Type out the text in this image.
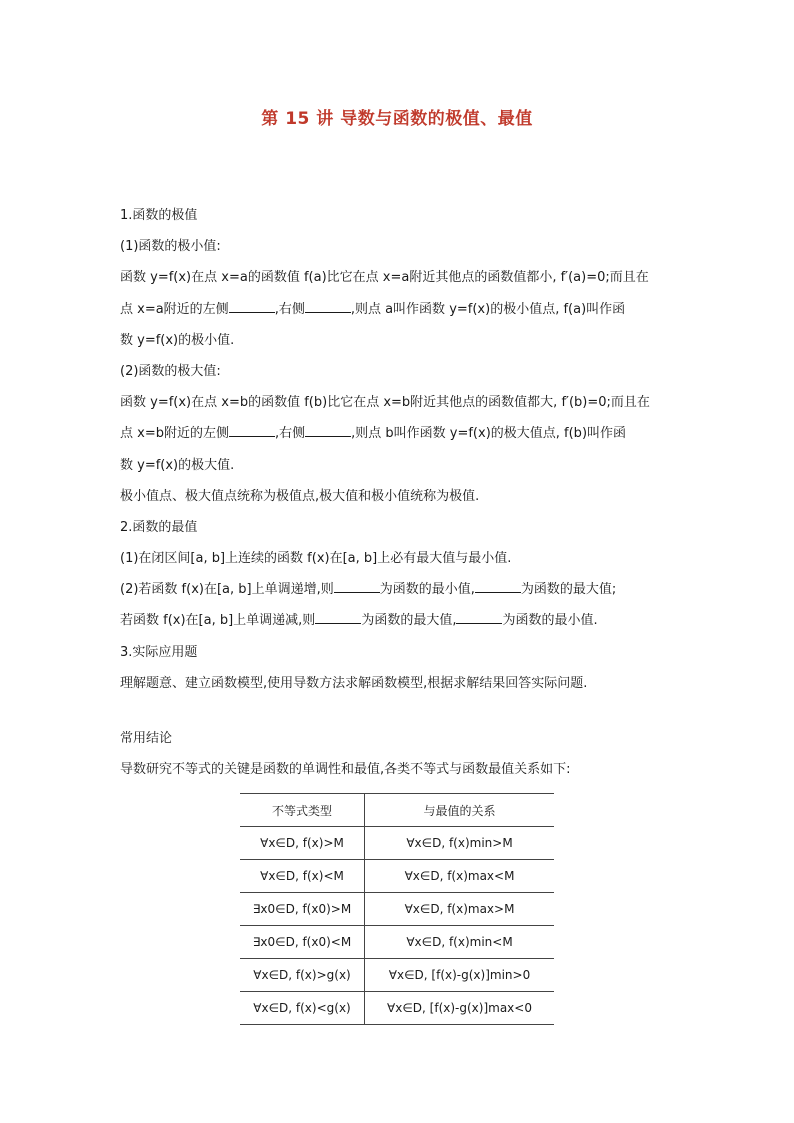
第 15 讲 导数与函数的极值、最值
1.函数的极值
(1)函数的极小值:
函数 y=f(x)在点 x=a的函数值 f(a)比它在点 x=a附近其他点的函数值都小, f′(a)=0;而且在
点 x=a附近的左侧	,右侧	,则点 a叫作函数 y=f(x)的极小值点, f(a)叫作函
数 y=f(x)的极小值.
(2)函数的极大值:
函数 y=f(x)在点 x=b的函数值 f(b)比它在点 x=b附近其他点的函数值都大, f′(b)=0;而且在
点 x=b附近的左侧	,右侧	,则点 b叫作函数 y=f(x)的极大值点, f(b)叫作函
数 y=f(x)的极大值.
极小值点、极大值点统称为极值点,极大值和极小值统称为极值.
2.函数的最值
(1)在闭区间[a, b]上连续的函数 f(x)在[a, b]上必有最大值与最小值.
(2)若函数 f(x)在[a, b]上单调递增,则	为函数的最小值,	为函数的最大值;
若函数 f(x)在[a, b]上单调递减,则	为函数的最大值,	为函数的最小值.
3.实际应用题
理解题意、建立函数模型,使用导数方法求解函数模型,根据求解结果回答实际问题.
常用结论
导数研究不等式的关键是函数的单调性和最值,各类不等式与函数最值关系如下:
不等式类型	与最值的关系
∀x∈D, f(x)>M	∀x∈D, f(x)min>M
∀x∈D, f(x)<M	∀x∈D, f(x)max<M
∃x0∈D, f(x0)>M	∀x∈D, f(x)max>M
∃x0∈D, f(x0)<M	∀x∈D, f(x)min<M
∀x∈D, f(x)>g(x)	∀x∈D, [f(x)-g(x)]min>0
∀x∈D, f(x)<g(x)	∀x∈D, [f(x)-g(x)]max<0
